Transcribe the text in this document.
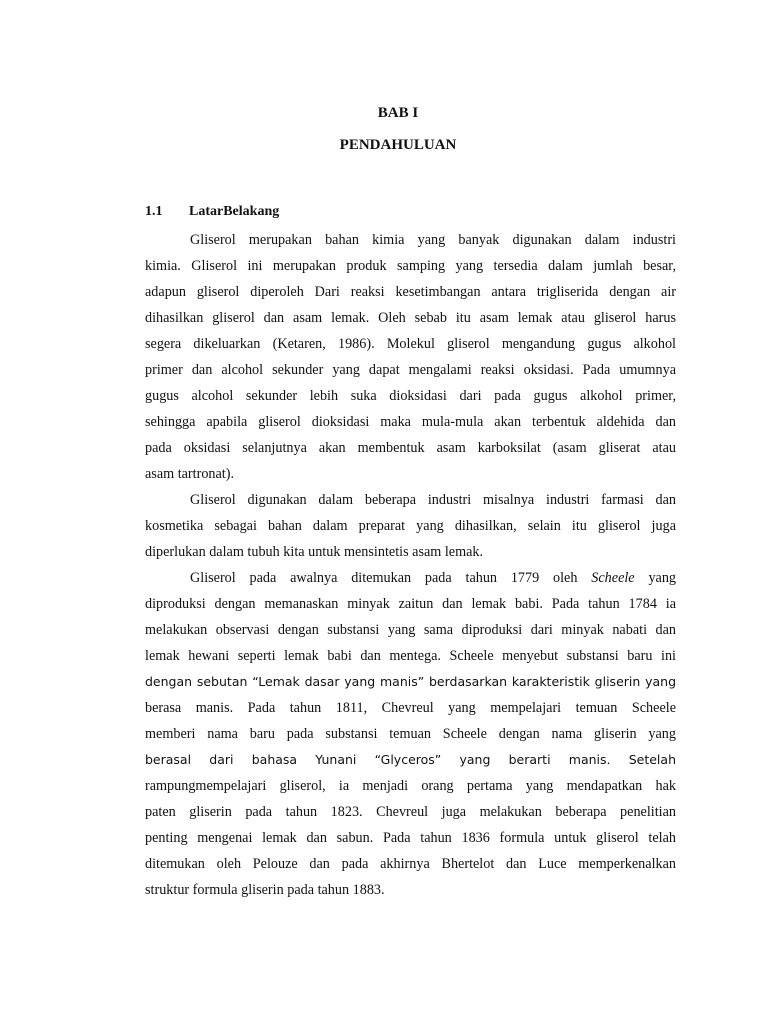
BAB I
PENDAHULUAN
1.1 LatarBelakang
Gliserol merupakan bahan kimia yang banyak digunakan dalam industri
kimia. Gliserol ini merupakan produk samping yang tersedia dalam jumlah besar,
adapun gliserol diperoleh Dari reaksi kesetimbangan antara trigliserida dengan air
dihasilkan gliserol dan asam lemak. Oleh sebab itu asam lemak atau gliserol harus
segera dikeluarkan (Ketaren, 1986). Molekul gliserol mengandung gugus alkohol
primer dan alcohol sekunder yang dapat mengalami reaksi oksidasi. Pada umumnya
gugus alcohol sekunder lebih suka dioksidasi dari pada gugus alkohol primer,
sehingga apabila gliserol dioksidasi maka mula-mula akan terbentuk aldehida dan
pada oksidasi selanjutnya akan membentuk asam karboksilat (asam gliserat atau
asam tartronat).
Gliserol digunakan dalam beberapa industri misalnya industri farmasi dan
kosmetika sebagai bahan dalam preparat yang dihasilkan, selain itu gliserol juga
diperlukan dalam tubuh kita untuk mensintetis asam lemak.
Gliserol pada awalnya ditemukan pada tahun 1779 oleh Scheele yang
diproduksi dengan memanaskan minyak zaitun dan lemak babi. Pada tahun 1784 ia
melakukan observasi dengan substansi yang sama diproduksi dari minyak nabati dan
lemak hewani seperti lemak babi dan mentega. Scheele menyebut substansi baru ini
dengan sebutan “Lemak dasar yang manis” berdasarkan karakteristik gliserin yang
berasa manis. Pada tahun 1811, Chevreul yang mempelajari temuan Scheele
memberi nama baru pada substansi temuan Scheele dengan nama gliserin yang
berasal dari bahasa Yunani “Glyceros” yang berarti manis. Setelah
rampungmempelajari gliserol, ia menjadi orang pertama yang mendapatkan hak
paten gliserin pada tahun 1823. Chevreul juga melakukan beberapa penelitian
penting mengenai lemak dan sabun. Pada tahun 1836 formula untuk gliserol telah
ditemukan oleh Pelouze dan pada akhirnya Bhertelot dan Luce memperkenalkan
struktur formula gliserin pada tahun 1883.
